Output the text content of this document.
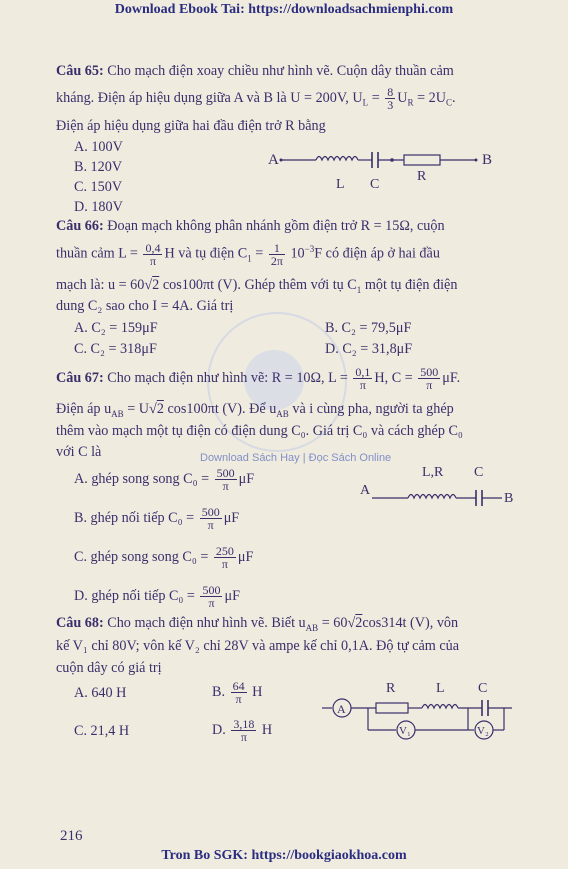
Download Ebook Tai: https://downloadsachmienphi.com
Download Sách Hay | Đọc Sách Online
Câu 65: Cho mạch điện xoay chiều như hình vẽ. Cuộn dây thuần cảm
kháng. Điện áp hiệu dụng giữa A và B là U = 200V, $U_L = \frac{8}{3} U_R = 2U_C$.
Điện áp hiệu dụng giữa hai đầu điện trở R bằng
A. 100V
B. 120V
C. 150V
D. 180V
A	B
L C
R
Câu 66: Đoạn mạch không phân nhánh gồm điện trở R = 15Ω, cuộn
thuần cảm $L = \frac{0,4}{\pi}$ H và tụ điện $C_1 = \frac{1}{2\pi} 10^{-3}F$ có điện áp ở hai đầu
mạch là: u = 60√2 cos100πt (V). Ghép thêm với tụ $C_1$ một tụ điện điện
dung C₂ sao cho I = 4A. Giá trị
A. C₂ = 159μF	B. C₂ = 79,5μF
C. C₂ = 318μF	D. C₂ = 31,8μF
Câu 67: Cho mạch điện như hình vẽ: R = 10Ω, $L = \frac{0,1}{\pi} H$, $C = \frac{500}{\pi} \mu F$.
Điện áp $u_{AB} = U√2$ cos100πt (V). Để $u_{AB}$ và i cùng pha, người ta ghép
thêm vào mạch một tụ điện có điện dung C₀. Giá trị C₀ và cách ghép C₀
với C là
A. ghép song song $C_0 = \frac{500}{\pi}$ μF
B. ghép nối tiếp $C_0 = \frac{500}{\pi}$ μF
C. ghép song song $C_0 = \frac{250}{\pi}$ μF
D. ghép nối tiếp $C_0 = \frac{500}{\pi}$ μF
L,R C
A
B
Câu 68: Cho mạch điện như hình vẽ. Biết $u_{AB} = 60√2\cos 314t$ (V), vôn
kế V₁ chỉ 80V; vôn kế V₂ chỉ 28V và ampe kế chỉ 0,1A. Độ tự cảm của
cuộn dây có giá trị
A. 640 H	B. $\frac{64}{\pi}$ H
C. 21,4 H	D. $\frac{3,18}{\pi}$ H
R	L C
A
V₁	V₂
216
Tron Bo SGK: https://bookgiaokhoa.com
